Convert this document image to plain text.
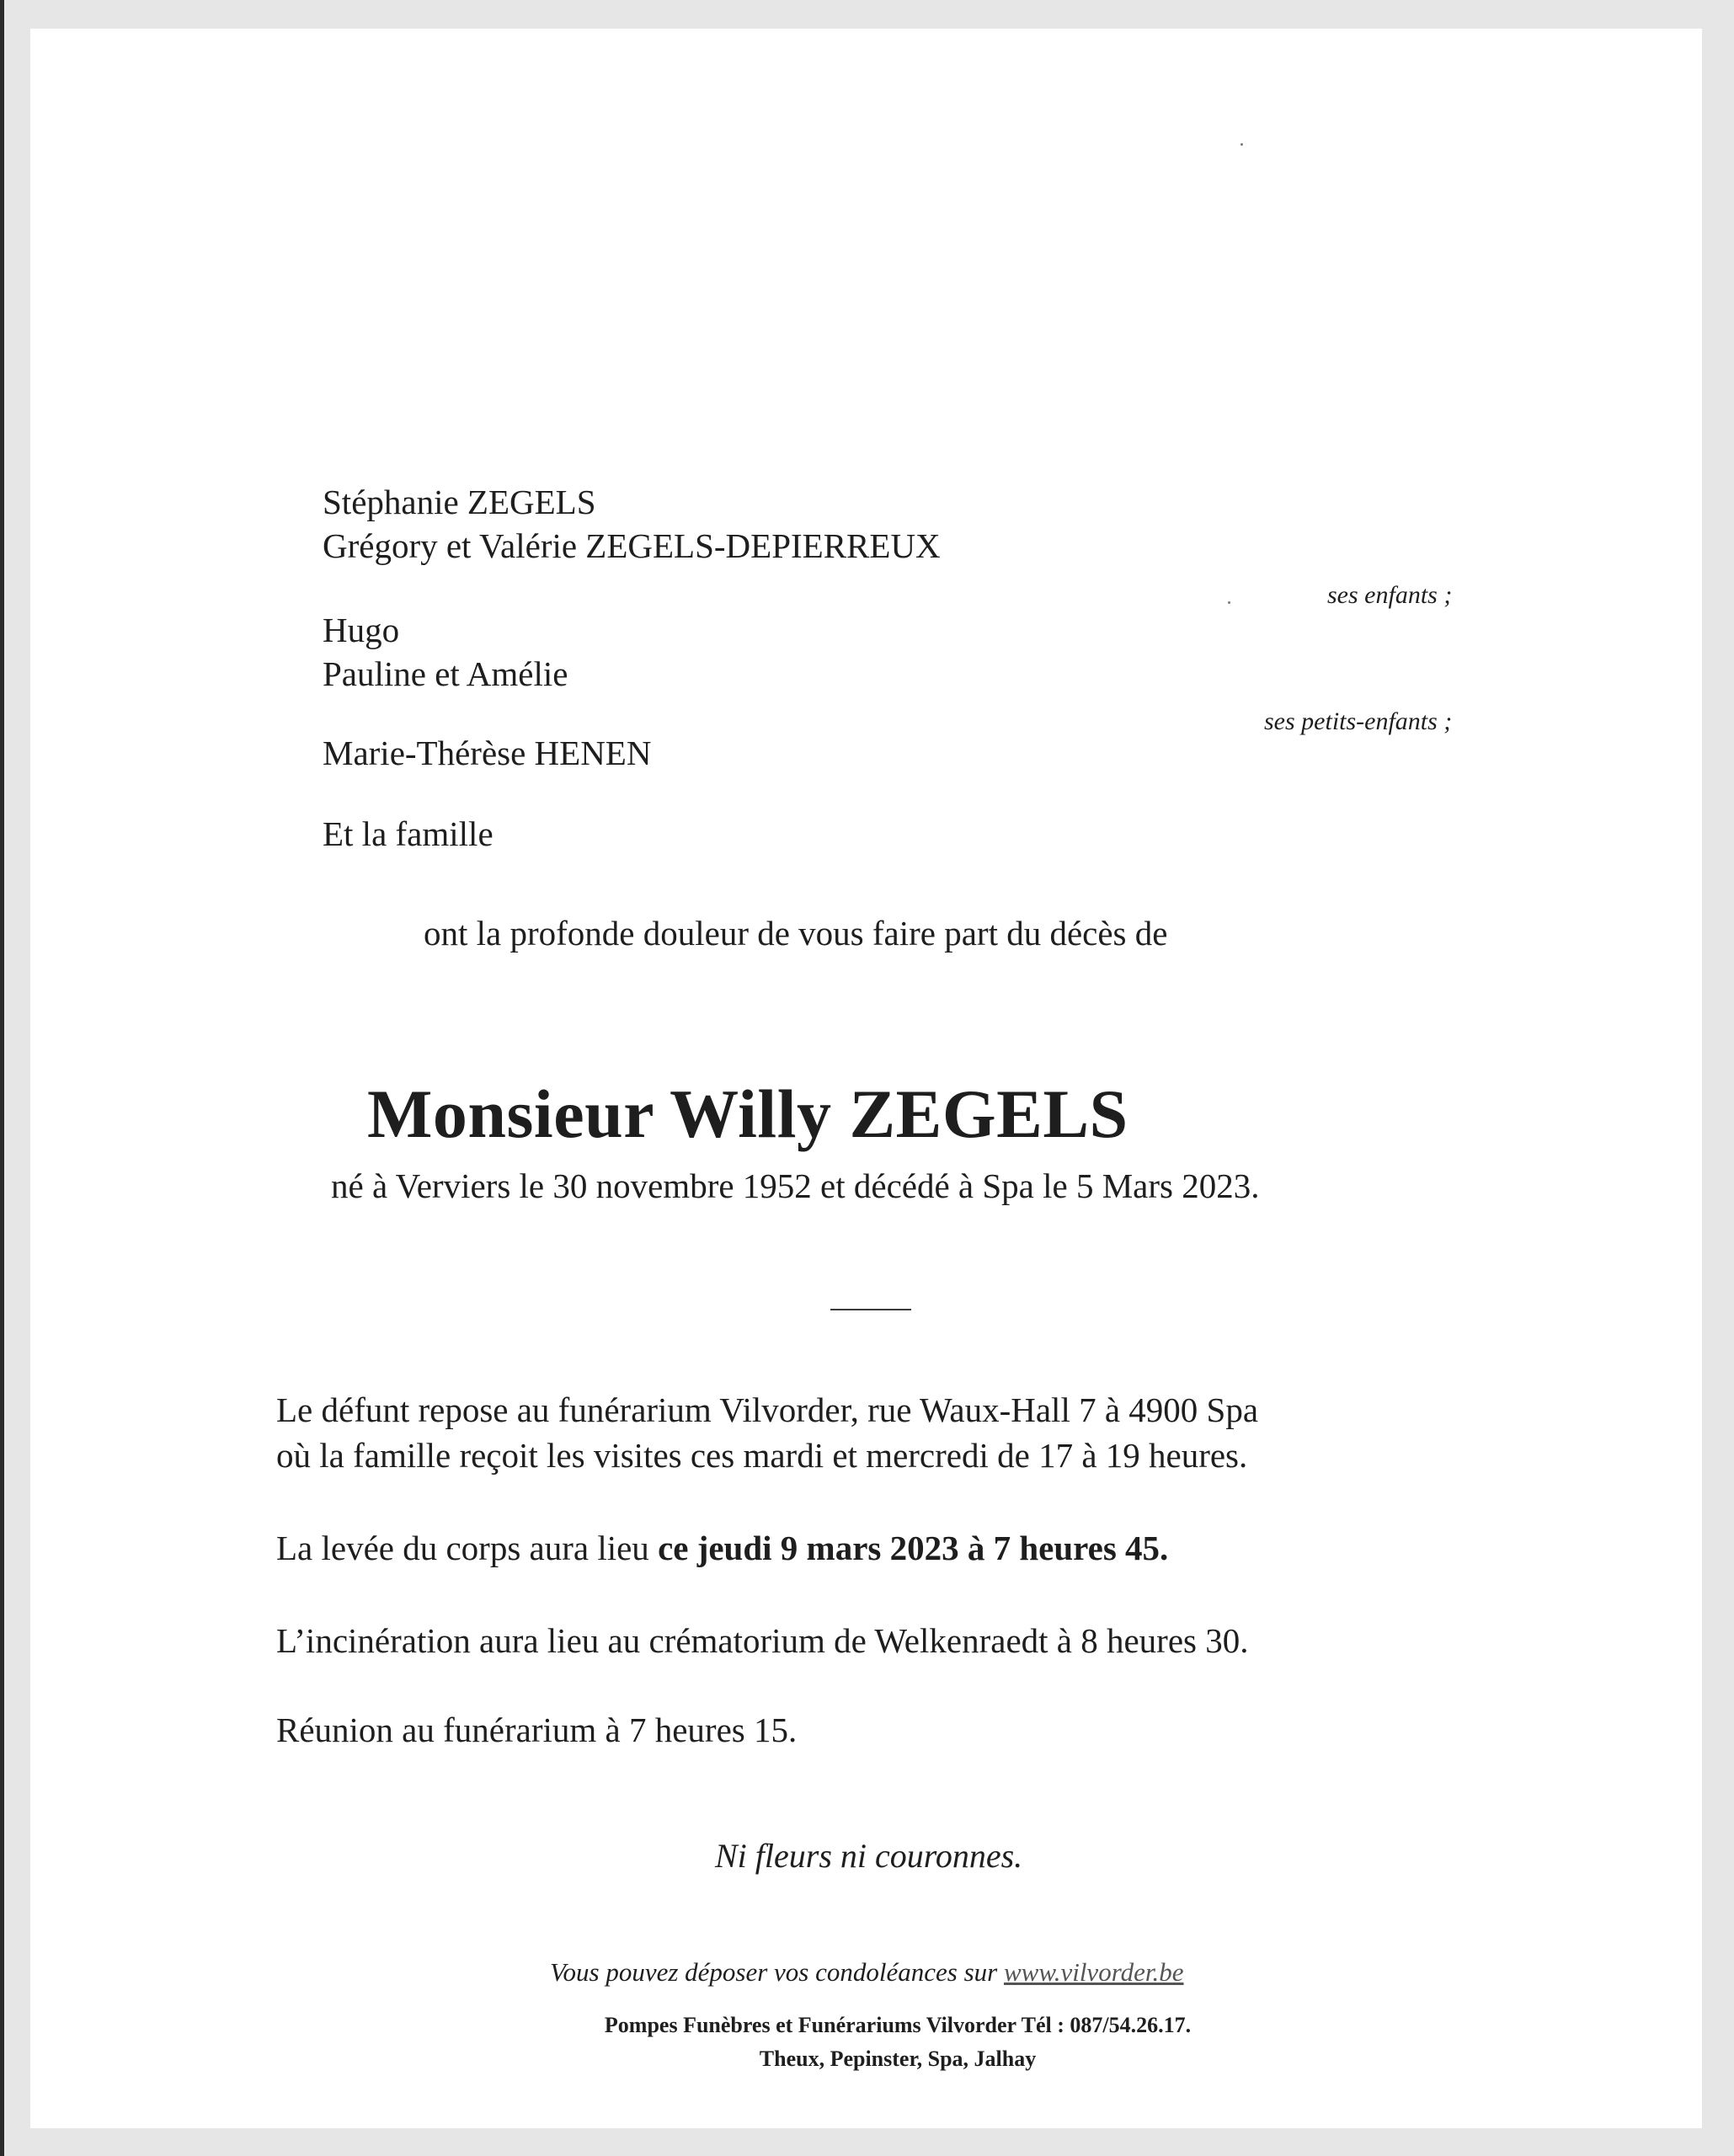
Stéphanie ZEGELS
Grégory et Valérie ZEGELS-DEPIERREUX
ses enfants ;
Hugo
Pauline et Amélie
ses petits-enfants ;
Marie-Thérèse HENEN
Et la famille
ont la profonde douleur de vous faire part du décès de
Monsieur Willy ZEGELS
né à Verviers le 30 novembre 1952 et décédé à Spa le 5 Mars 2023.
Le défunt repose au funérarium Vilvorder, rue Waux-Hall 7 à 4900 Spa
où la famille reçoit les visites ces mardi et mercredi de 17 à 19 heures.
La levée du corps aura lieu ce jeudi 9 mars 2023 à 7 heures 45.
L’incinération aura lieu au crématorium de Welkenraedt à 8 heures 30.
Réunion au funérarium à 7 heures 15.
Ni fleurs ni couronnes.
Vous pouvez déposer vos condoléances sur www.vilvorder.be
Pompes Funèbres et Funérariums Vilvorder Tél : 087/54.26.17.
Theux, Pepinster, Spa, Jalhay
